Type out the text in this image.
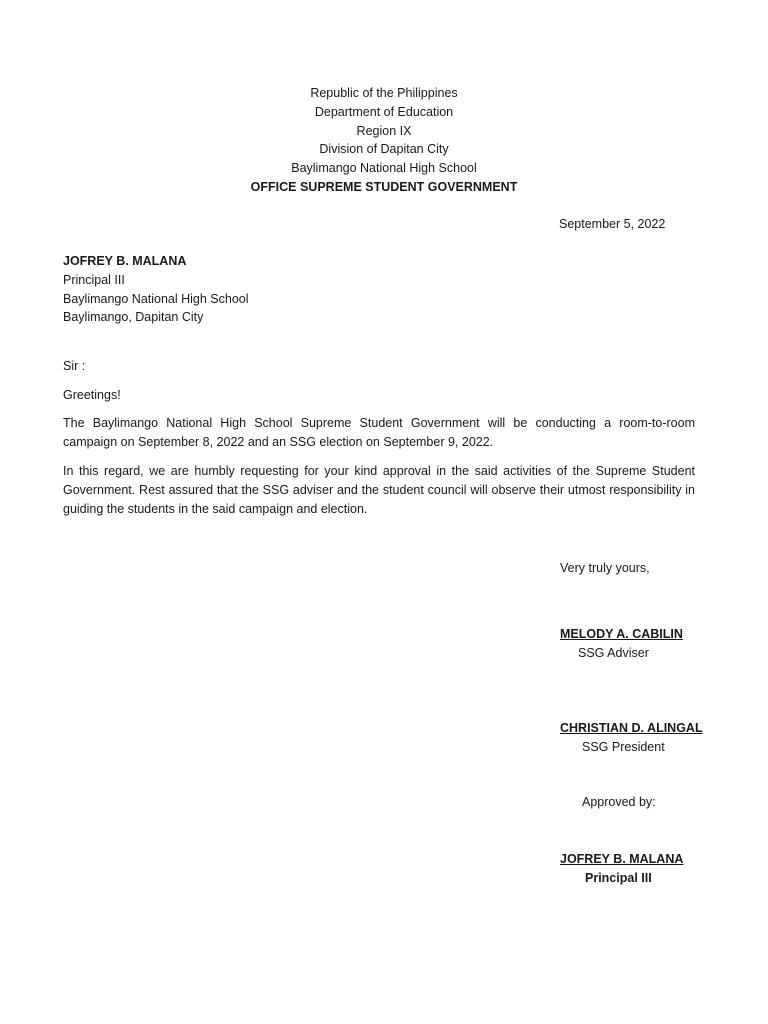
Republic of the Philippines
Department of Education
Region IX
Division of Dapitan City
Baylimango National High School
OFFICE SUPREME STUDENT GOVERNMENT
September 5, 2022
JOFREY B. MALANA
Principal III
Baylimango National High School
Baylimango, Dapitan City
Sir :
Greetings!
The Baylimango National High School Supreme Student Government will be conducting a room-to-room campaign on September 8, 2022 and an SSG election on September 9, 2022.
In this regard, we are humbly requesting for your kind approval in the said activities of the Supreme Student Government. Rest assured that the SSG adviser and the student council will observe their utmost responsibility in guiding the students in the said campaign and election.
Very truly yours,
MELODY A. CABILIN
SSG Adviser
CHRISTIAN D. ALINGAL
SSG President
Approved by:
JOFREY B. MALANA
Principal III
